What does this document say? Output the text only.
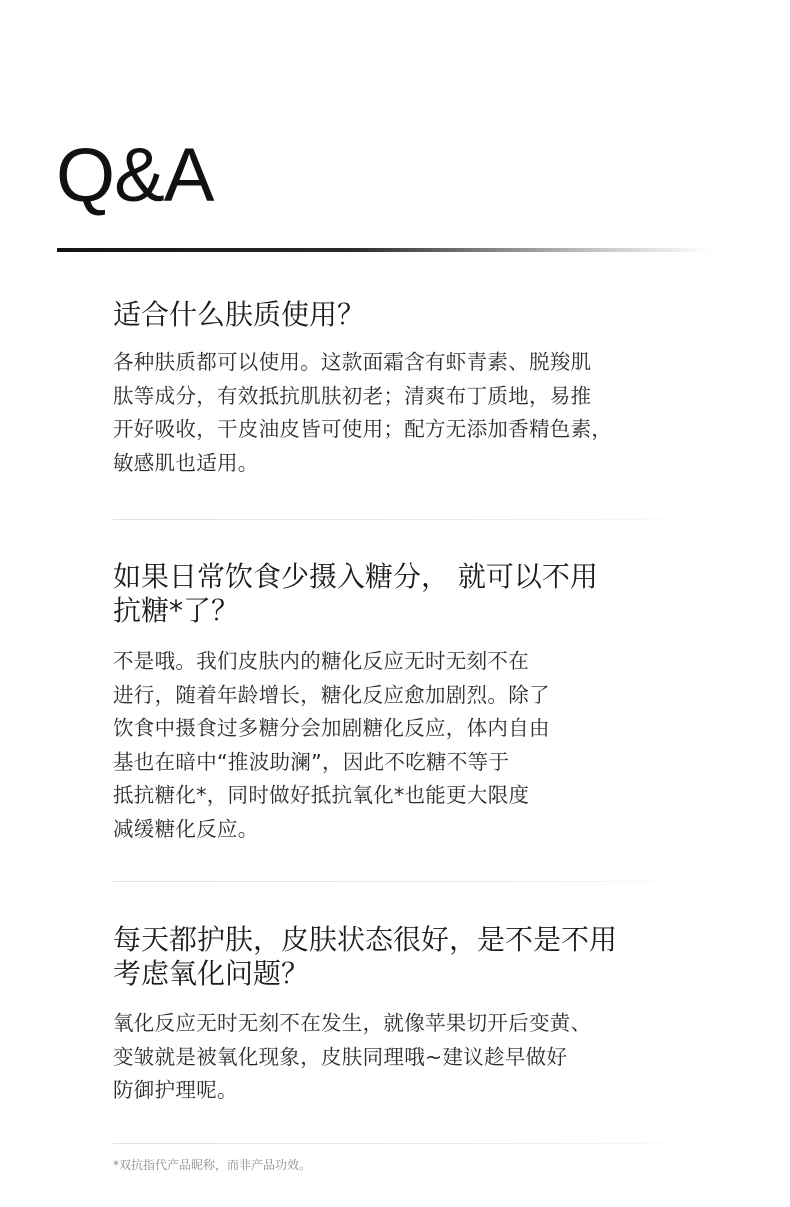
Q&A
适合什么肤质使用？

各种肤质都可以使用。这款面霜含有虾青素、脱羧肌
肽等成分，有效抵抗肌肤初老；清爽布丁质地，易推
开好吸收，干皮油皮皆可使用；配方无添加香精色素，
敏感肌也适用。

如果日常饮食少摄入糖分， 就可以不用
抗糖*了？

不是哦。我们皮肤内的糖化反应无时无刻不在
进行，随着年龄增长，糖化反应愈加剧烈。除了
饮食中摄食过多糖分会加剧糖化反应，体内自由
基也在暗中“推波助澜”，因此不吃糖不等于
抵抗糖化*，同时做好抵抗氧化*也能更大限度
减缓糖化反应。

每天都护肤，皮肤状态很好，是不是不用
考虑氧化问题？

氧化反应无时无刻不在发生，就像苹果切开后变黄、
变皱就是被氧化现象，皮肤同理哦~建议趁早做好
防御护理呢。

*双抗指代产品昵称，而非产品功效。
